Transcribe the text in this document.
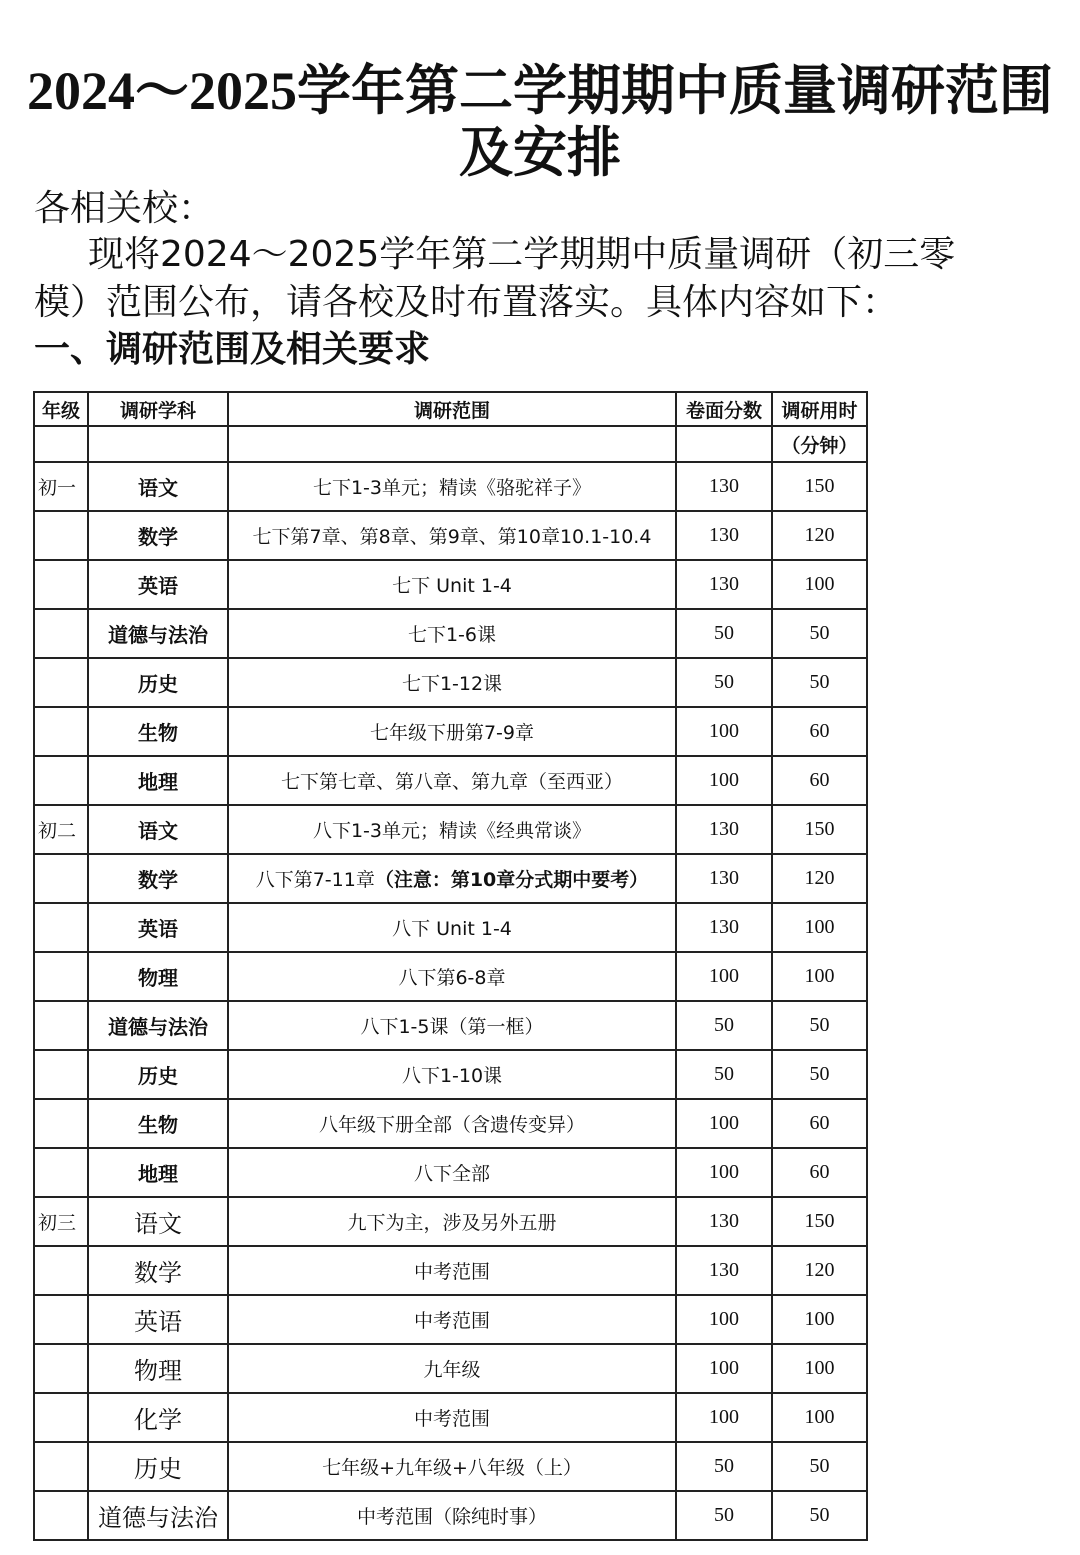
2024～2025学年第二学期期中质量调研范围
及安排
各相关校：
现将2024～2025学年第二学期期中质量调研（初三零
模）范围公布，请各校及时布置落实。具体内容如下：
一、调研范围及相关要求
年级	调研学科	调研范围	卷面分数	调研用时
				（分钟）
初一	语文	七下1-3单元；精读《骆驼祥子》	130	150
	数学	七下第7章、第8章、第9章、第10章10.1-10.4	130	120
	英语	七下 Unit 1-4	130	100
	道德与法治	七下1-6课	50	50
	历史	七下1-12课	50	50
	生物	七年级下册第7-9章	100	60
	地理	七下第七章、第八章、第九章（至西亚）	100	60
初二	语文	八下1-3单元；精读《经典常谈》	130	150
	数学	八下第7-11章（注意：第10章分式期中要考）	130	120
	英语	八下 Unit 1-4	130	100
	物理	八下第6-8章	100	100
	道德与法治	八下1-5课（第一框）	50	50
	历史	八下1-10课	50	50
	生物	八年级下册全部（含遗传变异）	100	60
	地理	八下全部	100	60
初三	语文	九下为主，涉及另外五册	130	150
	数学	中考范围	130	120
	英语	中考范围	100	100
	物理	九年级	100	100
	化学	中考范围	100	100
	历史	七年级+九年级+八年级（上）	50	50
	道德与法治	中考范围（除纯时事）	50	50
